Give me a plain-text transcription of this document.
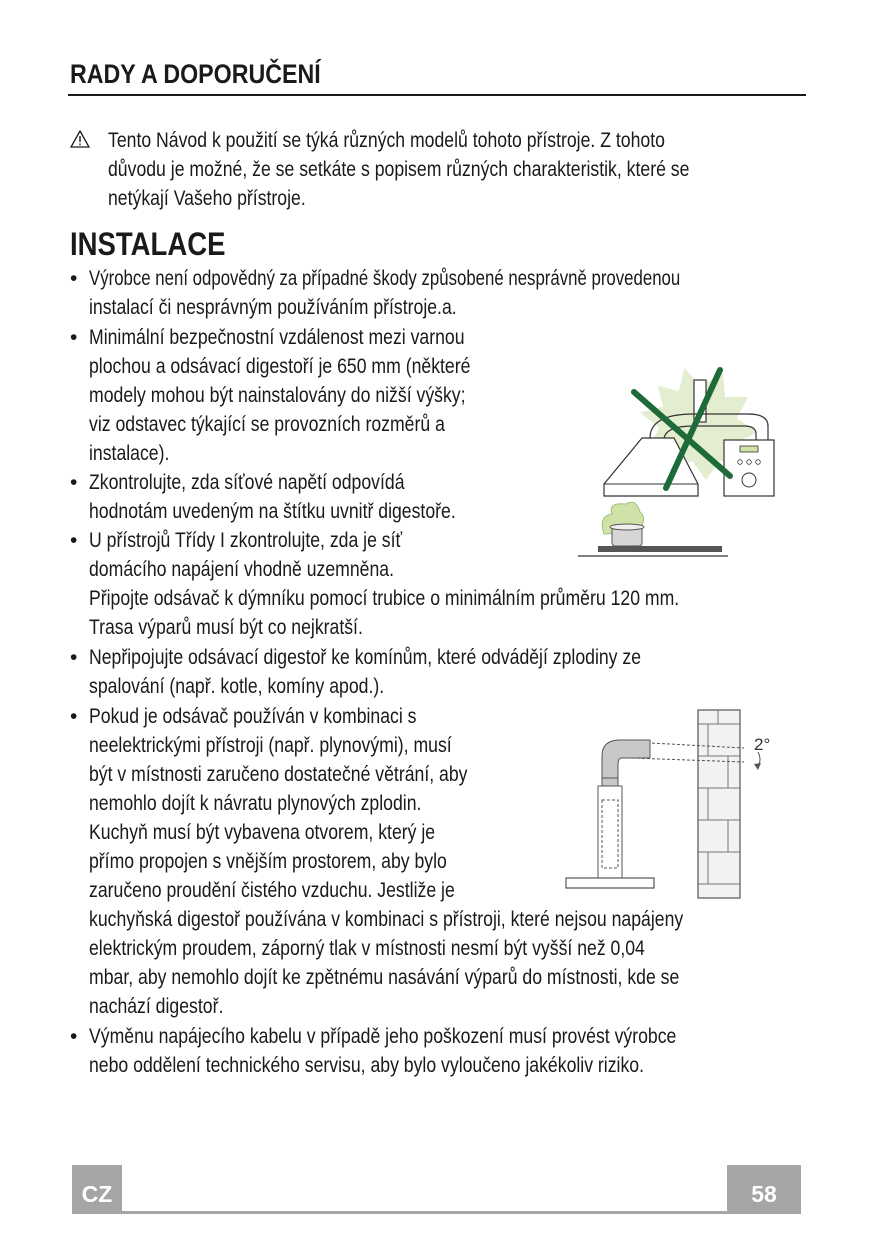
RADY A DOPORUČENÍ
Tento Návod k použití se týká různých modelů tohoto přístroje. Z tohoto
důvodu je možné, že se setkáte s popisem různých charakteristik, které se
netýkají Vašeho přístroje.
INSTALACE
• Výrobce není odpovědný za případné škody způsobené nesprávně provedenou
instalací či nesprávným používáním přístroje.a.
• Minimální bezpečnostní vzdálenost mezi varnou
plochou a odsávací digestoří je 650 mm (některé
modely mohou být nainstalovány do nižší výšky;
viz odstavec týkající se provozních rozměrů a
instalace).
• Zkontrolujte, zda síťové napětí odpovídá
hodnotám uvedeným na štítku uvnitř digestoře.
• U přístrojů Třídy I zkontrolujte, zda je síť
domácího napájení vhodně uzemněna.
Připojte odsávač k dýmníku pomocí trubice o minimálním průměru 120 mm.
Trasa výparů musí být co nejkratší.
• Nepřipojujte odsávací digestoř ke komínům, které odvádějí zplodiny ze
spalování (např. kotle, komíny apod.).
• Pokud je odsávač používán v kombinaci s
neelektrickými přístroji (např. plynovými), musí
být v místnosti zaručeno dostatečné větrání, aby
nemohlo dojít k návratu plynových zplodin.
Kuchyň musí být vybavena otvorem, který je
přímo propojen s vnějším prostorem, aby bylo
zaručeno proudění čistého vzduchu. Jestliže je
kuchyňská digestoř používána v kombinaci s přístroji, které nejsou napájeny
elektrickým proudem, záporný tlak v místnosti nesmí být vyšší než 0,04
mbar, aby nemohlo dojít ke zpětnému nasávání výparů do místnosti, kde se
nachází digestoř.
• Výměnu napájecího kabelu v případě jeho poškození musí provést výrobce
nebo oddělení technického servisu, aby bylo vyloučeno jakékoliv riziko.
2°
CZ	58
